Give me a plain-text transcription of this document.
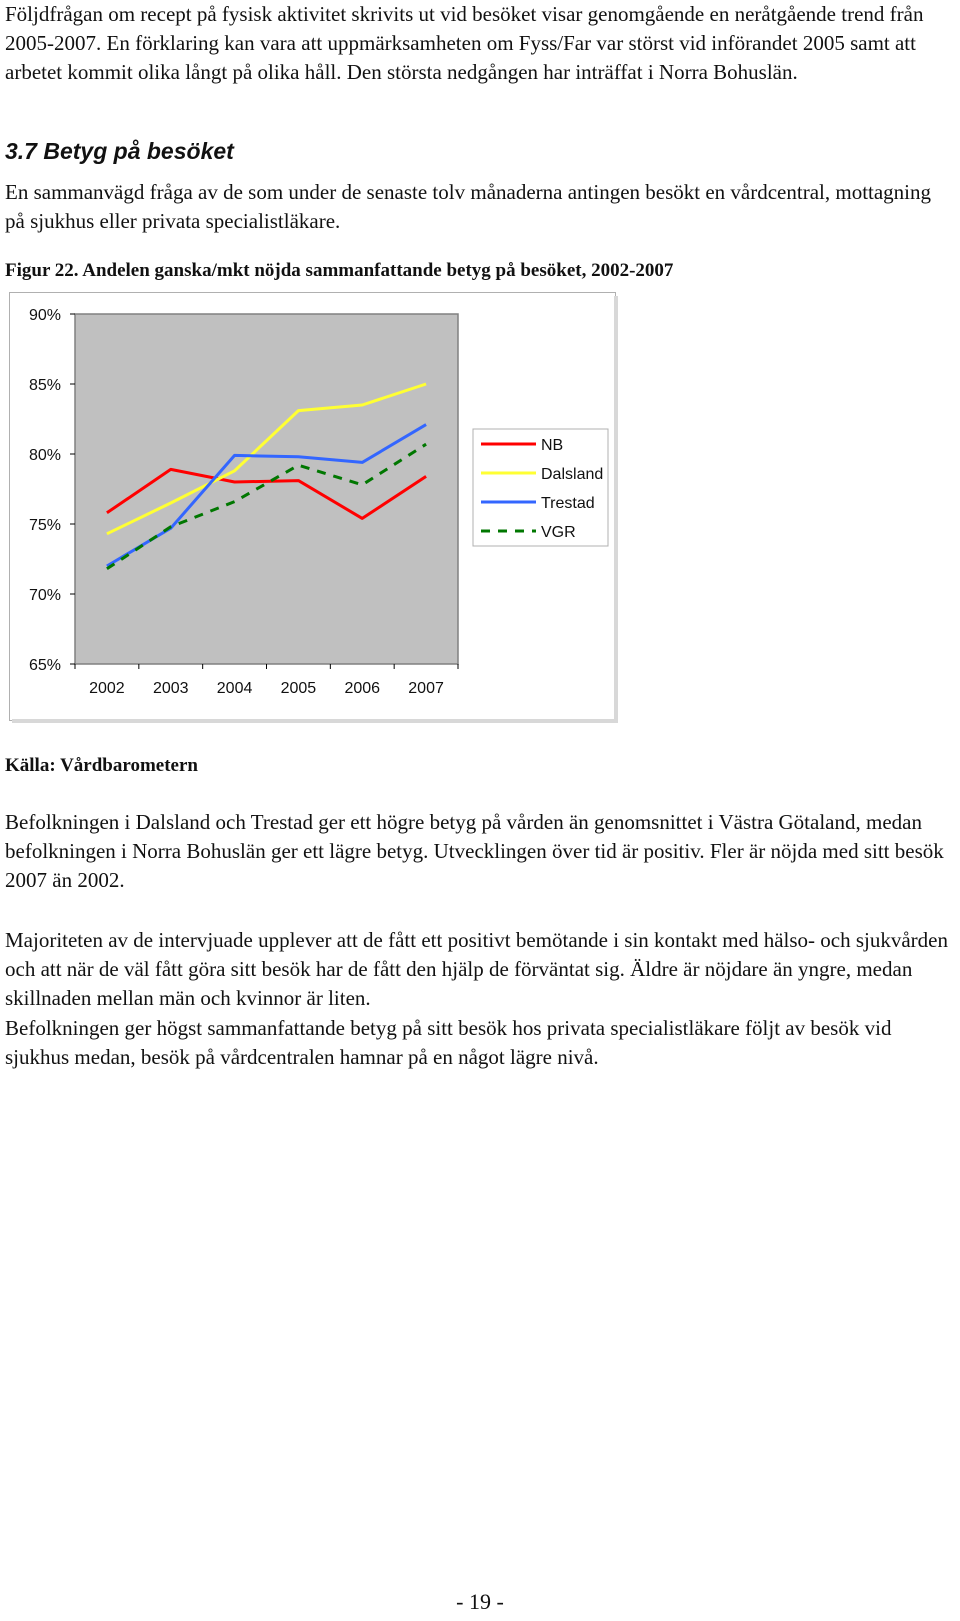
Följdfrågan om recept på fysisk aktivitet skrivits ut vid besöket visar genomgående en neråtgående trend från 2005-2007. En förklaring kan vara att uppmärksamheten om Fyss/Far var störst vid införandet 2005 samt att arbetet kommit olika långt på olika håll. Den största nedgången har inträffat i Norra Bohuslän.

3.7 Betyg på besöket

En sammanvägd fråga av de som under de senaste tolv månaderna antingen besökt en vårdcentral, mottagning på sjukhus eller privata specialistläkare.

Figur 22. Andelen ganska/mkt nöjda sammanfattande betyg på besöket, 2002-2007

90%
85%
80%
75%
70%
65%
2002 2003 2004 2005 2006 2007
NB
Dalsland
Trestad
VGR

Källa: Vårdbarometern

Befolkningen i Dalsland och Trestad ger ett högre betyg på vården än genomsnittet i Västra Götaland, medan befolkningen i Norra Bohuslän ger ett lägre betyg. Utvecklingen över tid är positiv. Fler är nöjda med sitt besök 2007 än 2002.

Majoriteten av de intervjuade upplever att de fått ett positivt bemötande i sin kontakt med hälso- och sjukvården och att när de väl fått göra sitt besök har de fått den hjälp de förväntat sig. Äldre är nöjdare än yngre, medan skillnaden mellan män och kvinnor är liten.

Befolkningen ger högst sammanfattande betyg på sitt besök hos privata specialistläkare följt av besök vid sjukhus medan, besök på vårdcentralen hamnar på en något lägre nivå.

- 19 -
